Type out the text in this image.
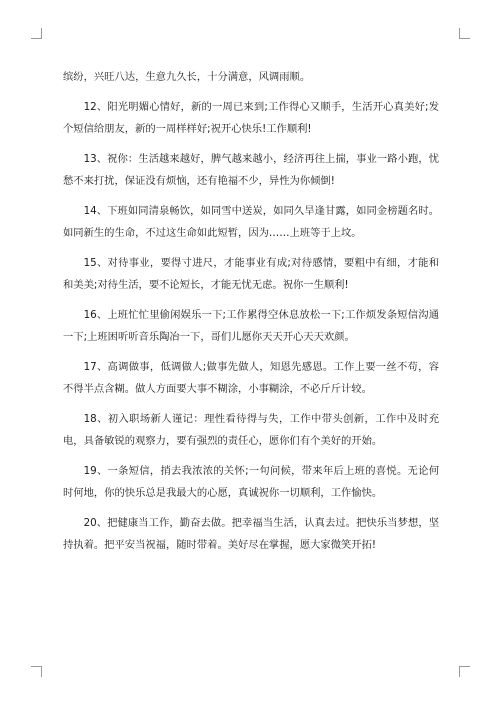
缤纷，兴旺八达，生意九久长，十分满意，风调雨顺。

12、阳光明媚心情好，新的一周已来到;工作得心又顺手，生活开心真美好;发个短信给朋友，新的一周样样好;祝开心快乐!工作顺利!

13、祝你：生活越来越好，脾气越来越小，经济再往上揣，事业一路小跑，忧愁不来打扰，保证没有烦恼，还有艳福不少，异性为你倾倒!

14、下班如同清泉畅饮，如同雪中送炭，如同久旱逢甘露，如同金榜题名时。如同新生的生命，不过这生命如此短暂，因为……上班等于上坟。

15、对待事业，要得寸进尺，才能事业有成;对待感情，要粗中有细，才能和和美美;对待生活，要不论短长，才能无忧无虑。祝你一生顺利!

16、上班忙忙里偷闲娱乐一下;工作累得空休息放松一下;工作烦发条短信沟通一下;上班困听听音乐陶冶一下，哥们儿愿你天天开心天天欢颜。

17、高调做事，低调做人;做事先做人，知恩先感恩。工作上要一丝不苟，容不得半点含糊。做人方面要大事不糊涂，小事糊涂，不必斤斤计较。

18、初入职场新人谨记：理性看待得与失，工作中带头创新，工作中及时充电，具备敏锐的观察力，要有强烈的责任心，愿你们有个美好的开始。

19、一条短信，捎去我浓浓的关怀;一句问候，带来年后上班的喜悦。无论何时何地，你的快乐总是我最大的心愿，真诚祝你一切顺利，工作愉快。

20、把健康当工作，勤奋去做。把幸福当生活，认真去过。把快乐当梦想，坚持执着。把平安当祝福，随时带着。美好尽在掌握，愿大家微笑开拓!
